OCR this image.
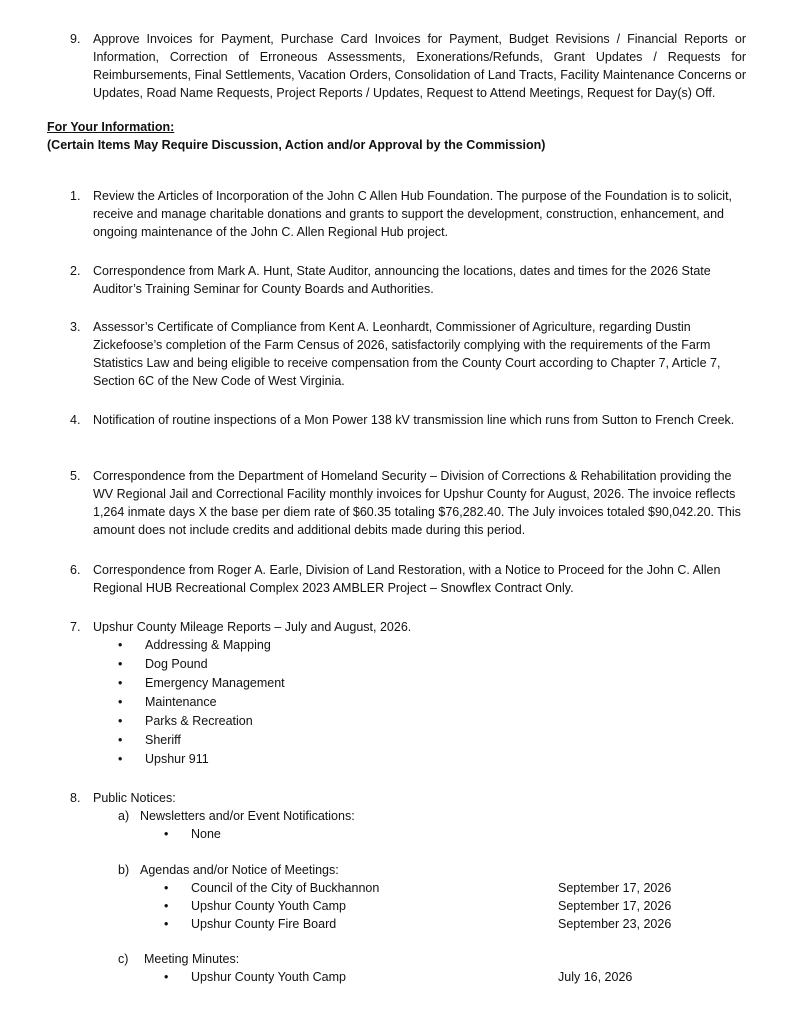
9. Approve Invoices for Payment, Purchase Card Invoices for Payment, Budget Revisions / Financial Reports or Information, Correction of Erroneous Assessments, Exonerations/Refunds, Grant Updates / Requests for Reimbursements, Final Settlements, Vacation Orders, Consolidation of Land Tracts, Facility Maintenance Concerns or Updates, Road Name Requests, Project Reports / Updates, Request to Attend Meetings, Request for Day(s) Off.
For Your Information:
(Certain Items May Require Discussion, Action and/or Approval by the Commission)
1. Review the Articles of Incorporation of the John C Allen Hub Foundation. The purpose of the Foundation is to solicit, receive and manage charitable donations and grants to support the development, construction, enhancement, and ongoing maintenance of the John C. Allen Regional Hub project.
2. Correspondence from Mark A. Hunt, State Auditor, announcing the locations, dates and times for the 2026 State Auditor’s Training Seminar for County Boards and Authorities.
3. Assessor’s Certificate of Compliance from Kent A. Leonhardt, Commissioner of Agriculture, regarding Dustin Zickefoose’s completion of the Farm Census of 2026, satisfactorily complying with the requirements of the Farm Statistics Law and being eligible to receive compensation from the County Court according to Chapter 7, Article 7, Section 6C of the New Code of West Virginia.
4. Notification of routine inspections of a Mon Power 138 kV transmission line which runs from Sutton to French Creek.
5. Correspondence from the Department of Homeland Security – Division of Corrections & Rehabilitation providing the WV Regional Jail and Correctional Facility monthly invoices for Upshur County for August, 2026. The invoice reflects 1,264 inmate days X the base per diem rate of $60.35 totaling $76,282.40. The July invoices totaled $90,042.20. This amount does not include credits and additional debits made during this period.
6. Correspondence from Roger A. Earle, Division of Land Restoration, with a Notice to Proceed for the John C. Allen Regional HUB Recreational Complex 2023 AMBLER Project – Snowflex Contract Only.
7. Upshur County Mileage Reports – July and August, 2026.
• Addressing & Mapping
• Dog Pound
• Emergency Management
• Maintenance
• Parks & Recreation
• Sheriff
• Upshur 911
8. Public Notices:
a) Newsletters and/or Event Notifications:
• None
b) Agendas and/or Notice of Meetings:
• Council of the City of Buckhannon	September 17, 2026
• Upshur County Youth Camp	September 17, 2026
• Upshur County Fire Board	September 23, 2026
c) Meeting Minutes:
• Upshur County Youth Camp	July 16, 2026
